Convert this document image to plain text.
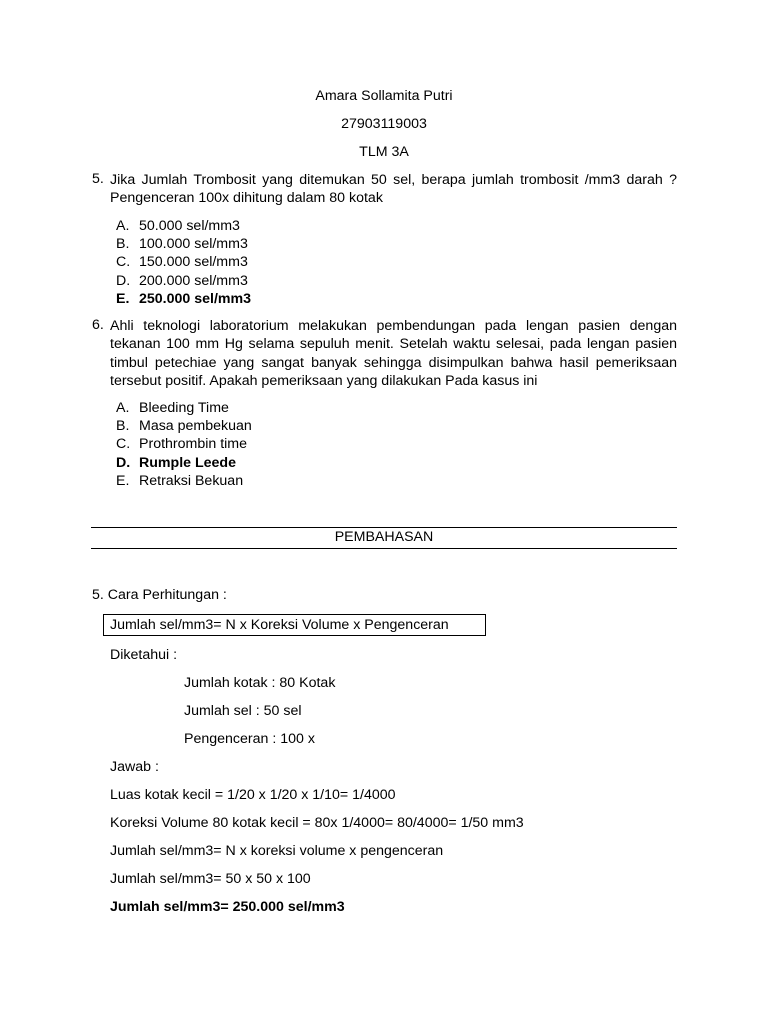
Amara Sollamita Putri
27903119003
TLM 3A
5. Jika Jumlah Trombosit yang ditemukan 50 sel, berapa jumlah trombosit /mm3 darah ? Pengenceran 100x dihitung dalam 80 kotak
A. 50.000 sel/mm3
B. 100.000 sel/mm3
C. 150.000 sel/mm3
D. 200.000 sel/mm3
E. 250.000 sel/mm3
6. Ahli teknologi laboratorium melakukan pembendungan pada lengan pasien dengan tekanan 100 mm Hg selama sepuluh menit. Setelah waktu selesai, pada lengan pasien timbul petechiae yang sangat banyak sehingga disimpulkan bahwa hasil pemeriksaan tersebut positif. Apakah pemeriksaan yang dilakukan Pada kasus ini
A. Bleeding Time
B. Masa pembekuan
C. Prothrombin time
D. Rumple Leede
E. Retraksi Bekuan
PEMBAHASAN
5. Cara Perhitungan :
Jumlah sel/mm3= N x Koreksi Volume x Pengenceran
Diketahui :
Jumlah kotak : 80 Kotak
Jumlah sel : 50 sel
Pengenceran : 100 x
Jawab :
Luas kotak kecil = 1/20 x 1/20 x 1/10= 1/4000
Koreksi Volume 80 kotak kecil = 80x 1/4000= 80/4000= 1/50 mm3
Jumlah sel/mm3= N x koreksi volume x pengenceran
Jumlah sel/mm3= 50 x 50 x 100
Jumlah sel/mm3= 250.000 sel/mm3
